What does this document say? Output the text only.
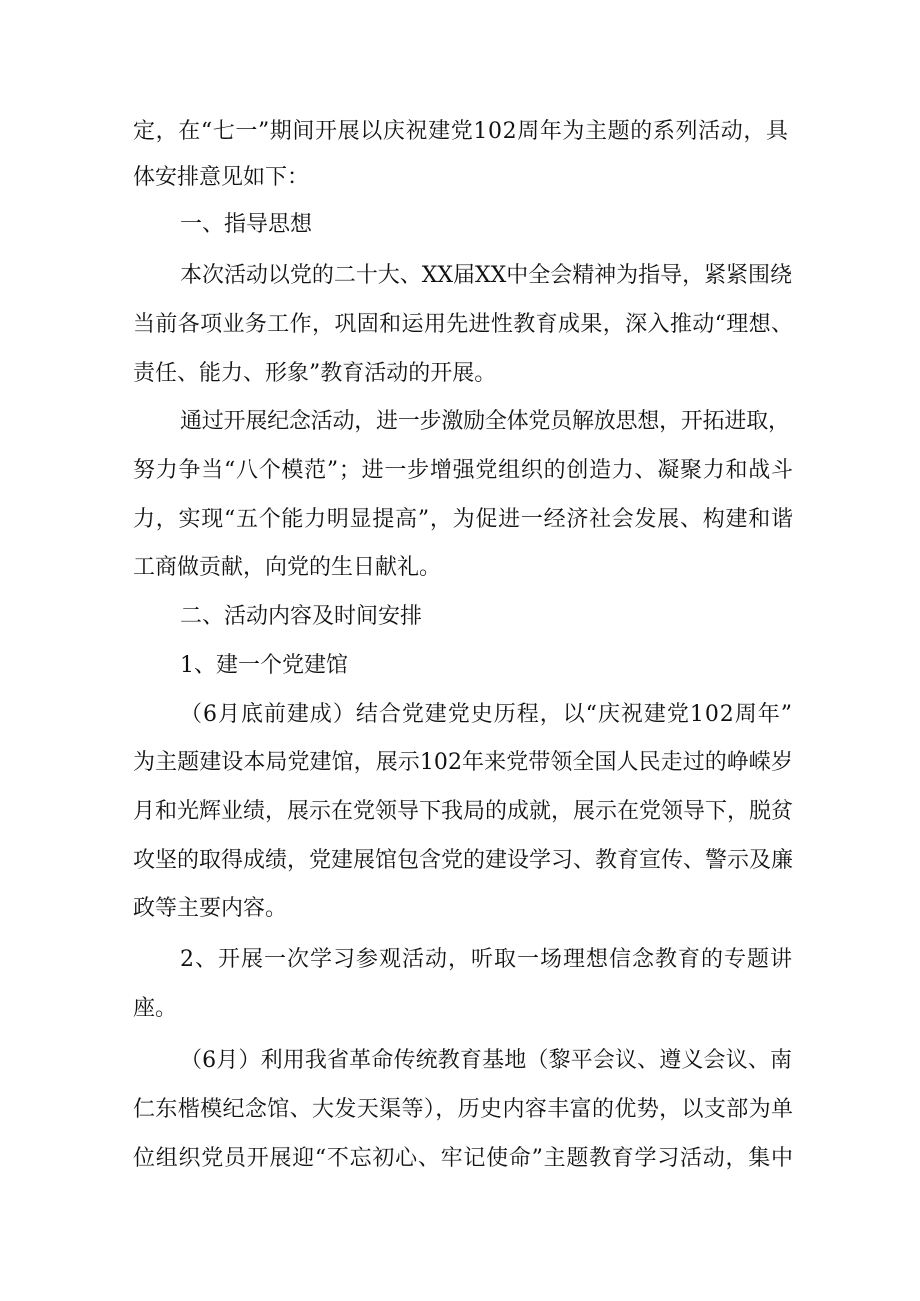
定，在“七一”期间开展以庆祝建党102周年为主题的系列活动，具
体安排意见如下：
一、指导思想
本次活动以党的二十大、XX届XX中全会精神为指导，紧紧围绕
当前各项业务工作，巩固和运用先进性教育成果，深入推动“理想、
责任、能力、形象”教育活动的开展。
通过开展纪念活动，进一步激励全体党员解放思想，开拓进取，
努力争当“八个模范”；进一步增强党组织的创造力、凝聚力和战斗
力，实现“五个能力明显提高”，为促进一经济社会发展、构建和谐
工商做贡献，向党的生日献礼。
二、活动内容及时间安排
1、建一个党建馆
（6月底前建成）结合党建党史历程，以“庆祝建党102周年”
为主题建设本局党建馆，展示102年来党带领全国人民走过的峥嵘岁
月和光辉业绩，展示在党领导下我局的成就，展示在党领导下，脱贫
攻坚的取得成绩，党建展馆包含党的建设学习、教育宣传、警示及廉
政等主要内容。
2、开展一次学习参观活动，听取一场理想信念教育的专题讲
座。
（6月）利用我省革命传统教育基地（黎平会议、遵义会议、南
仁东楷模纪念馆、大发天渠等），历史内容丰富的优势，以支部为单
位组织党员开展迎“不忘初心、牢记使命”主题教育学习活动，集中
